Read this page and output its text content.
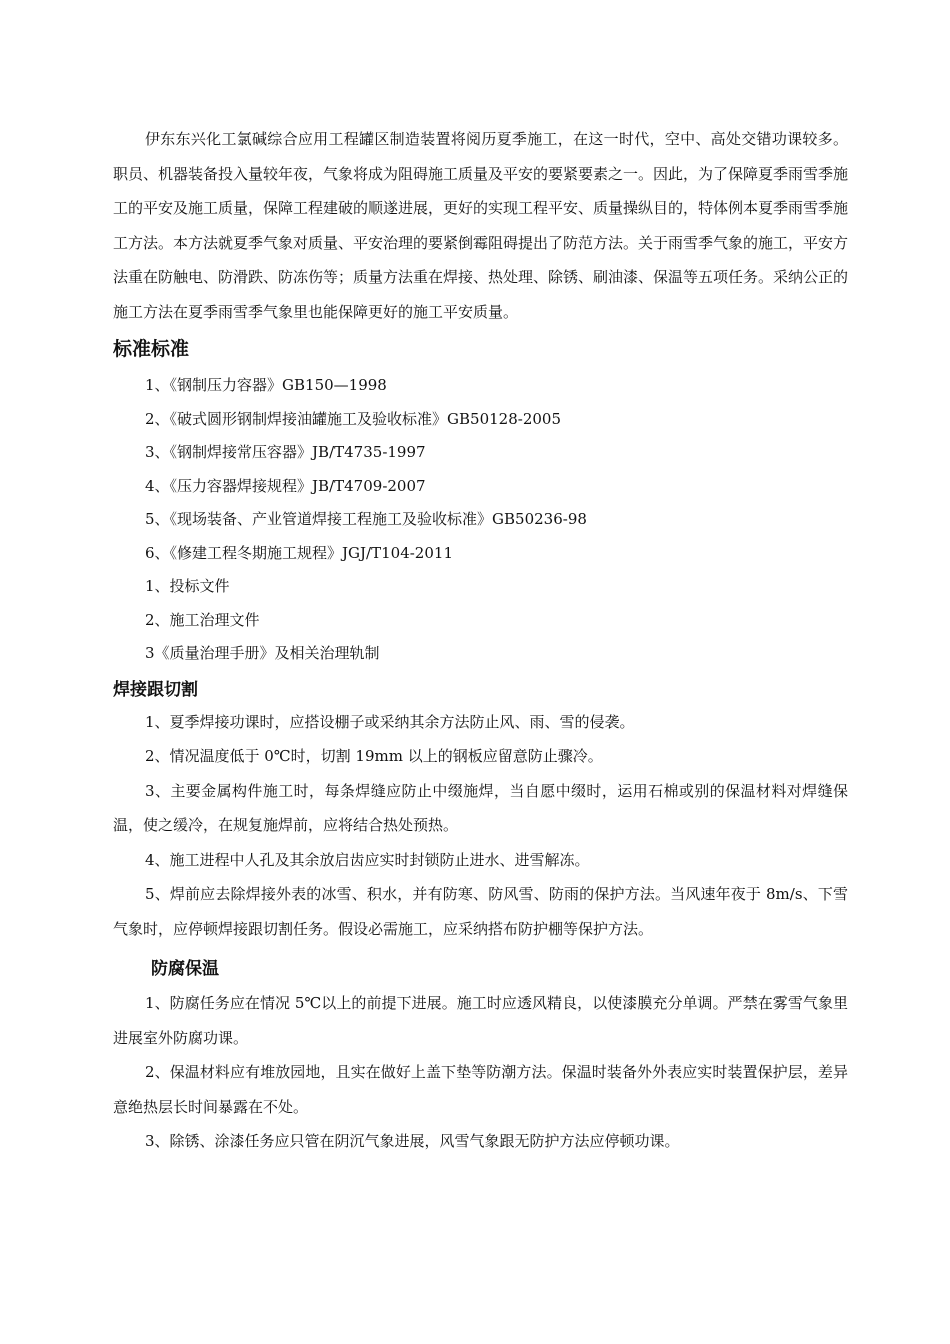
伊东东兴化工氯碱综合应用工程罐区制造装置将阅历夏季施工，在这一时代，空中、高处交错功课较多。职员、机器装备投入量较年夜，气象将成为阻碍施工质量及平安的要紧要素之一。因此，为了保障夏季雨雪季施工的平安及施工质量，保障工程建破的顺遂进展，更好的实现工程平安、质量操纵目的，特体例本夏季雨雪季施工方法。本方法就夏季气象对质量、平安治理的要紧倒霉阻碍提出了防范方法。关于雨雪季气象的施工，平安方法重在防触电、防滑跌、防冻伤等；质量方法重在焊接、热处理、除锈、刷油漆、保温等五项任务。采纳公正的施工方法在夏季雨雪季气象里也能保障更好的施工平安质量。

标准标准

1、《钢制压力容器》GB150—1998

2、《破式圆形钢制焊接油罐施工及验收标准》GB50128-2005

3、《钢制焊接常压容器》JB/T4735-1997

4、《压力容器焊接规程》JB/T4709-2007

5、《现场装备、产业管道焊接工程施工及验收标准》GB50236-98

6、《修建工程冬期施工规程》JGJ/T104-2011

1、投标文件

2、施工治理文件

3《质量治理手册》及相关治理轨制

焊接跟切割

1、夏季焊接功课时，应搭设棚子或采纳其余方法防止风、雨、雪的侵袭。

2、情况温度低于 0℃时，切割 19mm 以上的钢板应留意防止骤冷。

3、主要金属构件施工时，每条焊缝应防止中缀施焊，当自愿中缀时，运用石棉或别的保温材料对焊缝保温，使之缓冷，在规复施焊前，应将结合热处预热。

4、施工进程中人孔及其余放启齿应实时封锁防止进水、进雪解冻。

5、焊前应去除焊接外表的冰雪、积水，并有防寒、防风雪、防雨的保护方法。当风速年夜于 8m/s、下雪气象时，应停顿焊接跟切割任务。假设必需施工，应采纳搭布防护棚等保护方法。

防腐保温

1、防腐任务应在情况 5℃以上的前提下进展。施工时应透风精良，以使漆膜充分单调。严禁在雾雪气象里进展室外防腐功课。

2、保温材料应有堆放园地，且实在做好上盖下垫等防潮方法。保温时装备外外表应实时装置保护层，差异意绝热层长时间暴露在不处。

3、除锈、涂漆任务应只管在阴沉气象进展，风雪气象跟无防护方法应停顿功课。
